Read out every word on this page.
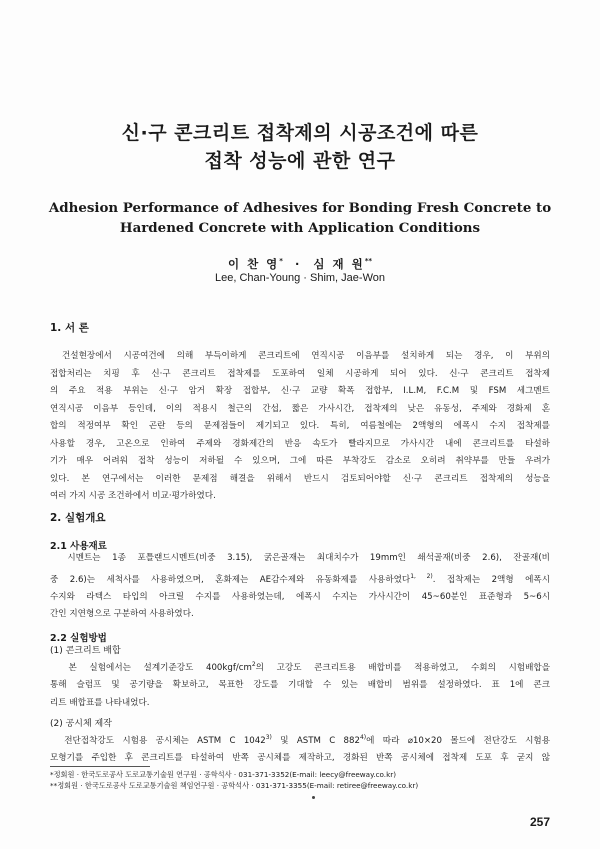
신·구 콘크리트 접착제의 시공조건에 따른
접착 성능에 관한 연구
Adhesion Performance of Adhesives for Bonding Fresh Concrete to
Hardened Concrete with Application Conditions
이 찬 영* · 심 재 원**
Lee, Chan-Young · Shim, Jae-Won
1. 서 론
건설현장에서 시공여건에 의해 부득이하게 콘크리트에 연직시공 이음부를 설치하게 되는 경우, 이 부위의
접합처리는 치핑 후 신·구 콘크리트 접착제를 도포하여 일체 시공하게 되어 있다. 신·구 콘크리트 접착제
의 주요 적용 부위는 신·구 암거 확장 접합부, 신·구 교량 확폭 접합부, I.L.M, F.C.M 및 FSM 세그멘트
연직시공 이음부 등인데, 이의 적용시 철근의 간섭, 짧은 가사시간, 접착제의 낮은 유동성, 주제와 경화제 혼
합의 적정여부 확인 곤란 등의 문제점들이 제기되고 있다. 특히, 여름철에는 2액형의 에폭시 수지 접착제를
사용할 경우, 고온으로 인하여 주제와 경화제간의 반응 속도가 빨라지므로 가사시간 내에 콘크리트를 타설하
기가 매우 어려워 접착 성능이 저하될 수 있으며, 그에 따른 부착강도 감소로 오히려 취약부를 만들 우려가
있다. 본 연구에서는 이러한 문제점 해결을 위해서 반드시 검토되어야할 신·구 콘크리트 접착제의 성능을
여러 가지 시공 조건하에서 비교·평가하였다.
2. 실험개요
2.1 사용재료
　시멘트는 1종 포틀랜드시멘트(비중 3.15), 굵은골재는 최대치수가 19mm인 쇄석골재(비중 2.6), 잔골재(비
중 2.6)는 세척사를 사용하였으며, 혼화제는 AE감수제와 유동화제를 사용하였다$^{1, 2)}$. 접착제는 2액형 에폭시
수지와 라텍스 타입의 아크릴 수지를 사용하였는데, 에폭시 수지는 가사시간이 45~60분인 표준형과 5~6시
간인 지연형으로 구분하여 사용하였다.
2.2 실험방법
(1) 콘크리트 배합
　본 실험에서는 설계기준강도 $400kgf/cm^2$의 고강도 콘크리트용 배합비를 적용하였고, 수회의 시험배합을
통해 슬럼프 및 공기량을 확보하고, 목표한 강도를 기대할 수 있는 배합비 범위를 설정하였다. 표 1에 콘크
리트 배합표를 나타내었다.
(2) 공시체 제작
　전단접착강도 시험용 공시체는 ASTM C 1042$^{3)}$ 및 ASTM C 882$^{4)}$에 따라 ⌀10×20 몰드에 전단강도 시험용
모형기를 주입한 후 콘크리트를 타설하여 반쪽 공시체를 제작하고, 경화된 반쪽 공시체에 접착제 도포 후 굳지 않
*정회원 · 한국도로공사 도로교통기술원 연구원 · 공학석사 · 031-371-3352(E-mail: leecy@freeway.co.kr)
**정회원 · 한국도로공사 도로교통기술원 책임연구원 · 공학석사 · 031-371-3355(E-mail: retiree@freeway.co.kr)
257
